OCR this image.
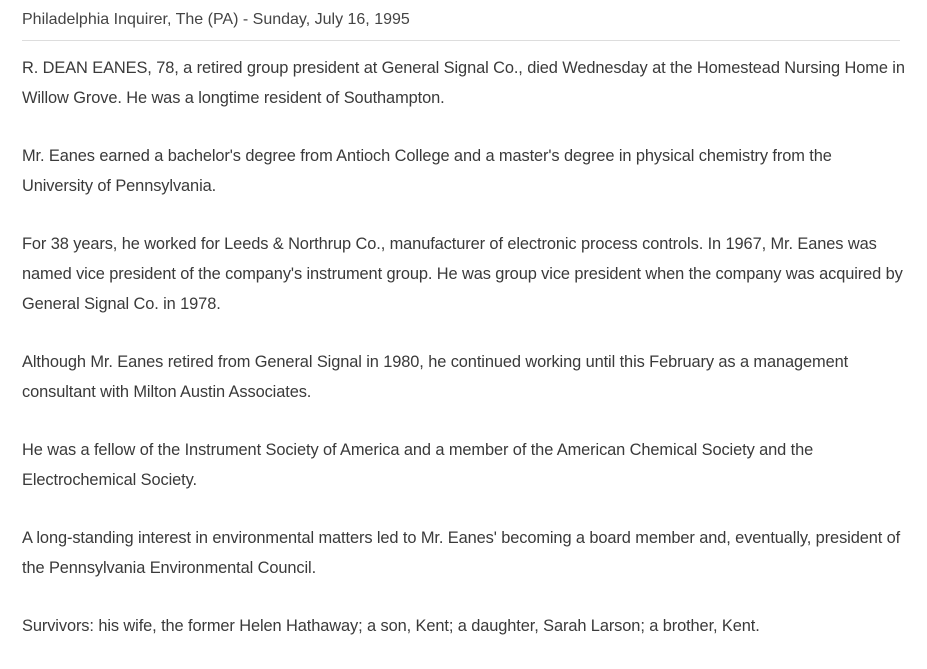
Philadelphia Inquirer, The (PA) - Sunday, July 16, 1995

R. DEAN EANES, 78, a retired group president at General Signal Co., died Wednesday at the Homestead Nursing Home in Willow Grove. He was a longtime resident of Southampton.

Mr. Eanes earned a bachelor's degree from Antioch College and a master's degree in physical chemistry from the University of Pennsylvania.

For 38 years, he worked for Leeds & Northrup Co., manufacturer of electronic process controls. In 1967, Mr. Eanes was named vice president of the company's instrument group. He was group vice president when the company was acquired by General Signal Co. in 1978.

Although Mr. Eanes retired from General Signal in 1980, he continued working until this February as a management consultant with Milton Austin Associates.

He was a fellow of the Instrument Society of America and a member of the American Chemical Society and the Electrochemical Society.

A long-standing interest in environmental matters led to Mr. Eanes' becoming a board member and, eventually, president of the Pennsylvania Environmental Council.

Survivors: his wife, the former Helen Hathaway; a son, Kent; a daughter, Sarah Larson; a brother, Kent.
